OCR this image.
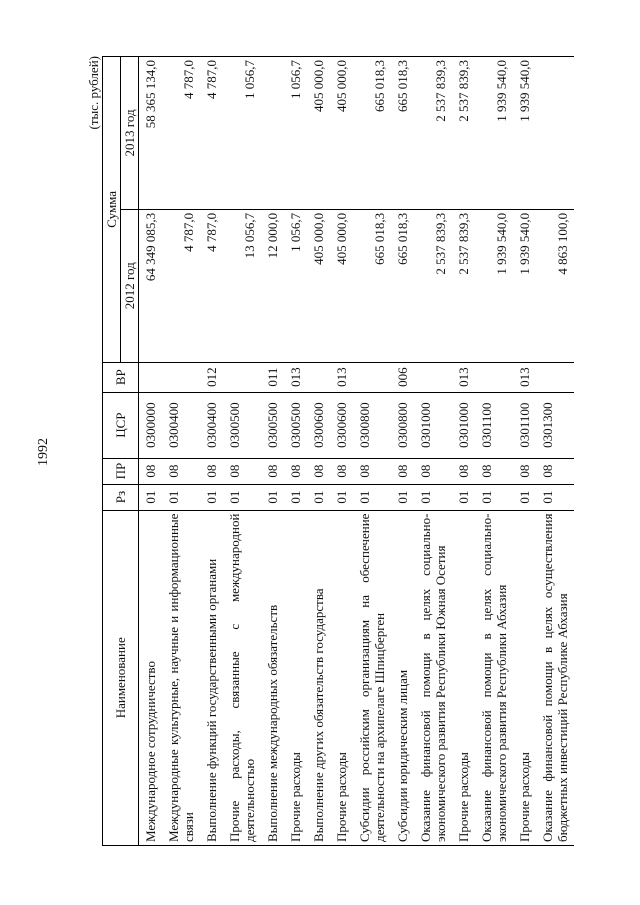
1992
(тыс. рублей)
Наименование	Рз	ПР	ЦСР	ВР	Сумма	
					2012 год	2013 год
Международное сотрудничество	01	08	0300000		64 349 085,3	58 365 134,0
Международные культурные, научные и информационные связи	01	08	0300400		4 787,0	4 787,0
Выполнение функций государственными органами	01	08	0300400	012	4 787,0	4 787,0
Прочие расходы, связанные с международной деятельностью	01	08	0300500		13 056,7	1 056,7
Выполнение международных обязательств	01	08	0300500	011	12 000,0	
Прочие расходы	01	08	0300500	013	1 056,7	1 056,7
Выполнение других обязательств государства	01	08	0300600		405 000,0	405 000,0
Прочие расходы	01	08	0300600	013	405 000,0	405 000,0
Субсидии российским организациям на обеспечение деятельности на архипелаге Шпицберген	01	08	0300800		665 018,3	665 018,3
Субсидии юридическим лицам	01	08	0300800	006	665 018,3	665 018,3
Оказание финансовой помощи в целях социально-экономического развития Республики Южная Осетия	01	08	0301000		2 537 839,3	2 537 839,3
Прочие расходы	01	08	0301000	013	2 537 839,3	2 537 839,3
Оказание финансовой помощи в целях социально-экономического развития Республики Абхазия	01	08	0301100		1 939 540,0	1 939 540,0
Прочие расходы	01	08	0301100	013	1 939 540,0	1 939 540,0
Оказание финансовой помощи в целях осуществления бюджетных инвестиций Республике Абхазия	01	08	0301300		4 863 100,0	
